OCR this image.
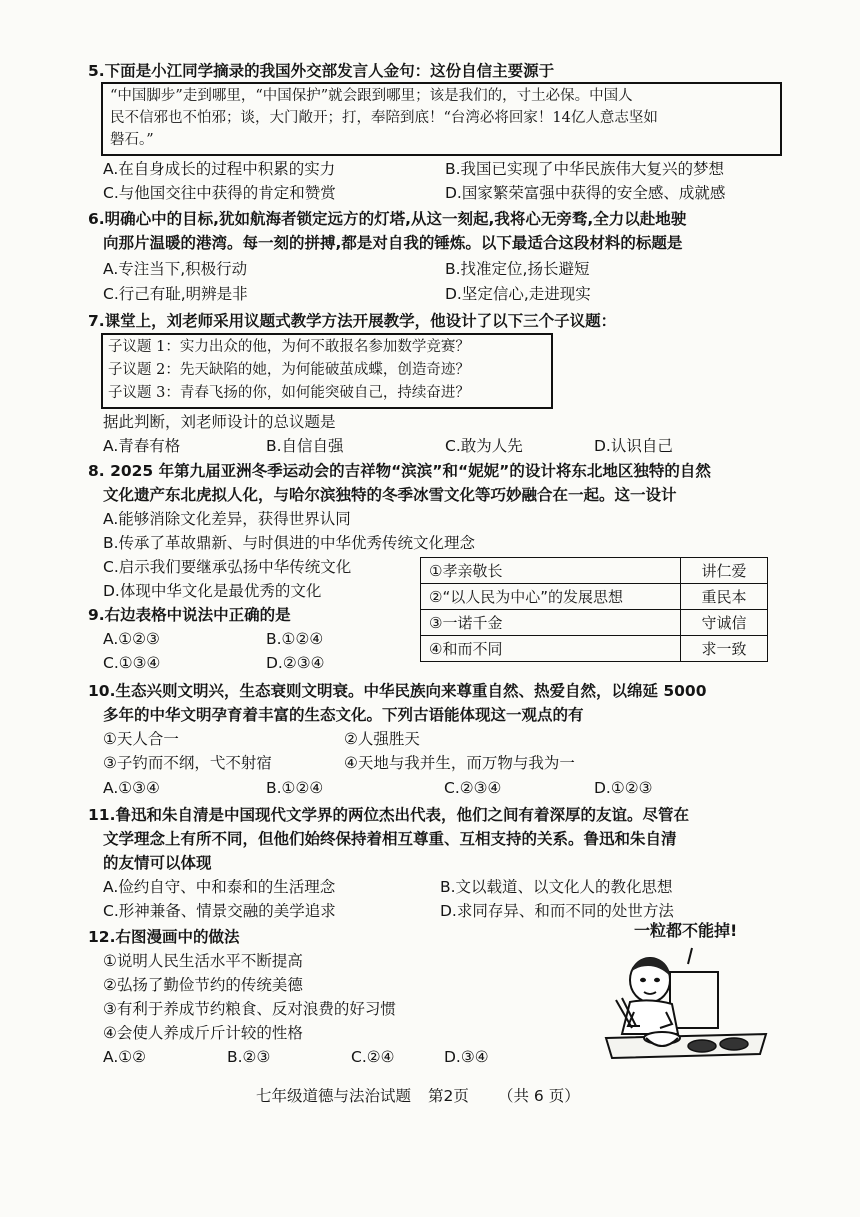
5.下面是小江同学摘录的我国外交部发言人金句：这份自信主要源于
“中国脚步”走到哪里，“中国保护”就会跟到哪里；该是我们的，寸土必保。中国人
民不信邪也不怕邪；谈，大门敞开；打，奉陪到底！“台湾必将回家！14亿人意志坚如
磐石。”
A.在自身成长的过程中积累的实力	B.我国已实现了中华民族伟大复兴的梦想
C.与他国交往中获得的肯定和赞赏	D.国家繁荣富强中获得的安全感、成就感
6.明确心中的目标,犹如航海者锁定远方的灯塔,从这一刻起,我将心无旁骛,全力以赴地驶
向那片温暖的港湾。每一刻的拼搏,都是对自我的锤炼。以下最适合这段材料的标题是
A.专注当下,积极行动	B.找准定位,扬长避短
C.行己有耻,明辨是非	D.坚定信心,走进现实
7.课堂上，刘老师采用议题式教学方法开展教学，他设计了以下三个子议题：
子议题 1：实力出众的他，为何不敢报名参加数学竞赛？
子议题 2：先天缺陷的她，为何能破茧成蝶，创造奇迹？
子议题 3：青春飞扬的你，如何能突破自己，持续奋进？
据此判断，刘老师设计的总议题是
A.青春有格	B.自信自强	C.敢为人先	D.认识自己
8. 2025 年第九届亚洲冬季运动会的吉祥物“滨滨”和“妮妮”的设计将东北地区独特的自然
文化遗产东北虎拟人化，与哈尔滨独特的冬季冰雪文化等巧妙融合在一起。这一设计
A.能够消除文化差异，获得世界认同
B.传承了革故鼎新、与时俱进的中华优秀传统文化理念
C.启示我们要继承弘扬中华传统文化
D.体现中华文化是最优秀的文化
①孝亲敬长	讲仁爱
②“以人民为中心”的发展思想	重民本
③一诺千金	守诚信
④和而不同	求一致
9.右边表格中说法中正确的是
A.①②③	B.①②④
C.①③④	D.②③④
10.生态兴则文明兴，生态衰则文明衰。中华民族向来尊重自然、热爱自然，以绵延 5000
多年的中华文明孕育着丰富的生态文化。下列古语能体现这一观点的有
①天人合一	②人强胜天
③子钓而不纲，弋不射宿	④天地与我并生，而万物与我为一
A.①③④	B.①②④	C.②③④	D.①②③
11.鲁迅和朱自清是中国现代文学界的两位杰出代表，他们之间有着深厚的友谊。尽管在
文学理念上有所不同，但他们始终保持着相互尊重、互相支持的关系。鲁迅和朱自清
的友情可以体现
A.俭约自守、中和泰和的生活理念	B.文以载道、以文化人的教化思想
C.形神兼备、情景交融的美学追求	D.求同存异、和而不同的处世方法
12.右图漫画中的做法
①说明人民生活水平不断提高
②弘扬了勤俭节约的传统美德
③有利于养成节约粮食、反对浪费的好习惯
④会使人养成斤斤计较的性格
A.①②	B.②③	C.②④	D.③④
一粒都不能掉!
七年级道德与法治试题 第2页 （共 6 页）
